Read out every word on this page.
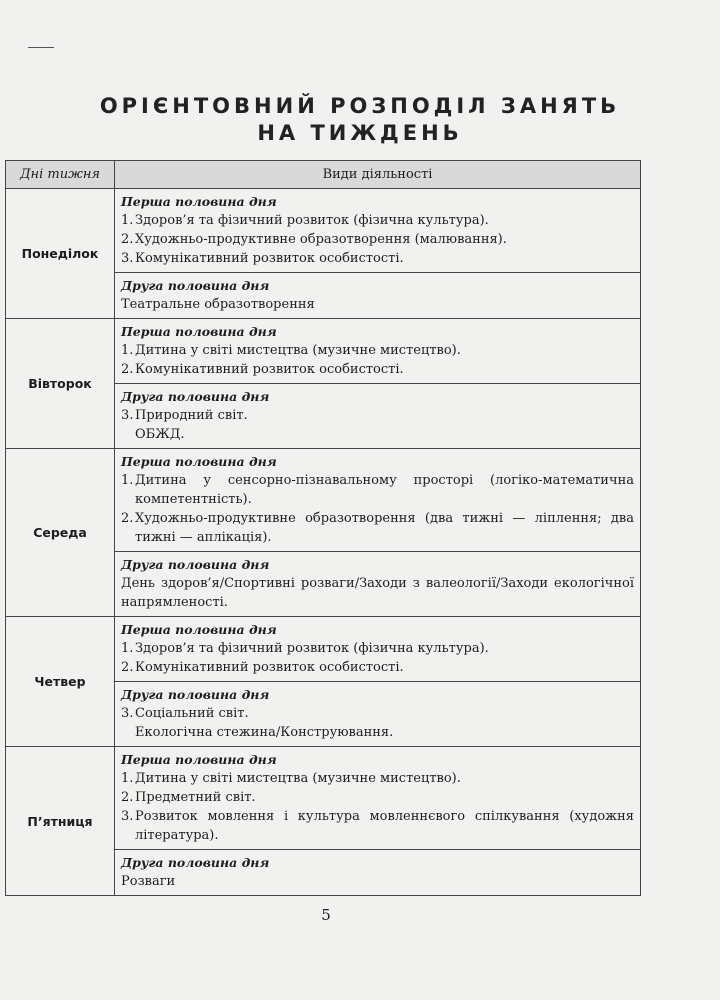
ОРІЄНТОВНИЙ РОЗПОДІЛ ЗАНЯТЬ
НА ТИЖДЕНЬ
Дні тижня	Види діяльності
Понеділок	Перша половина дня
1. Здоров’я та фізичний розвиток (фізична культура).
2. Художньо-продуктивне образотворення (малювання).
3. Комунікативний розвиток особистості.

	Друга половина дня
Театральне образотворення

Вівторок	Перша половина дня
1. Дитина у світі мистецтва (музичне мистецтво).
2. Комунікативний розвиток особистості.

	Друга половина дня
3. Природний світ.
ОБЖД.

Середа	Перша половина дня
1. Дитина у сенсорно-пізнавальному просторі (логіко-математична компетентність).
2. Художньо-продуктивне образотворення (два тижні — ліплення; два тижні — аплікація).

	Друга половина дня
День здоров’я/Спортивні розваги/Заходи з валеології/Заходи екологічної напрямленості.

Четвер	Перша половина дня
1. Здоров’я та фізичний розвиток (фізична культура).
2. Комунікативний розвиток особистості.

	Друга половина дня
3. Соціальний світ.
Екологічна стежина/Конструювання.

П’ятниця	Перша половина дня
1. Дитина у світі мистецтва (музичне мистецтво).
2. Предметний світ.
3. Розвиток мовлення і культура мовленнєвого спілкування (художня література).

	Друга половина дня
Розваги
5
